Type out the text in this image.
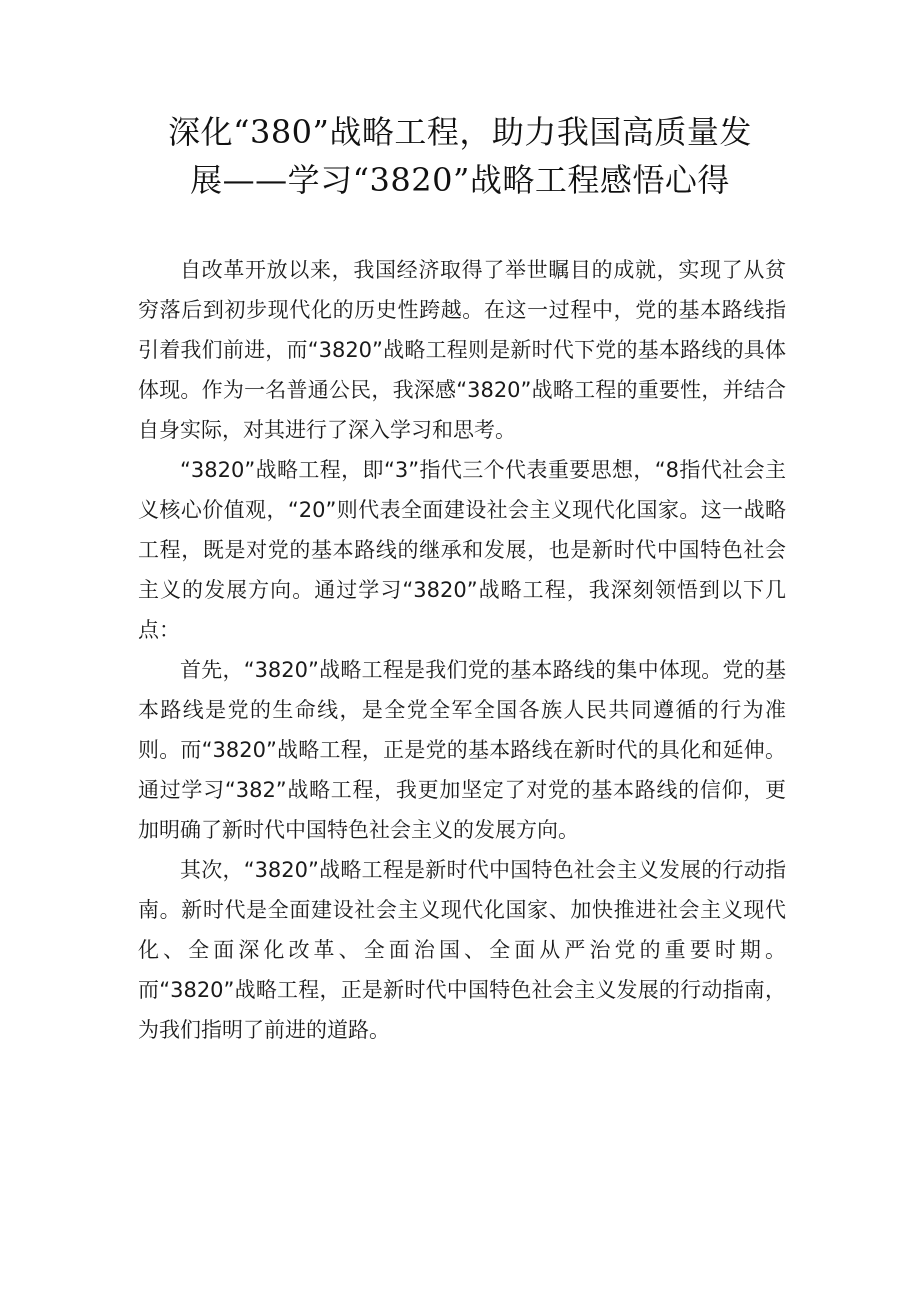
深化“380”战略工程，助力我国高质量发
展——学习“3820”战略工程感悟心得

自改革开放以来，我国经济取得了举世瞩目的成就，实现了从贫穷落后到初步现代化的历史性跨越。在这一过程中，党的基本路线指引着我们前进，而“3820”战略工程则是新时代下党的基本路线的具体体现。作为一名普通公民，我深感“3820”战略工程的重要性，并结合自身实际，对其进行了深入学习和思考。

“3820”战略工程，即“3”指代三个代表重要思想，“8指代社会主义核心价值观，“20”则代表全面建设社会主义现代化国家。这一战略工程，既是对党的基本路线的继承和发展，也是新时代中国特色社会主义的发展方向。通过学习“3820”战略工程，我深刻领悟到以下几点：

首先，“3820”战略工程是我们党的基本路线的集中体现。党的基本路线是党的生命线，是全党全军全国各族人民共同遵循的行为准则。而“3820”战略工程，正是党的基本路线在新时代的具化和延伸。通过学习“382”战略工程，我更加坚定了对党的基本路线的信仰，更加明确了新时代中国特色社会主义的发展方向。

其次，“3820”战略工程是新时代中国特色社会主义发展的行动指南。新时代是全面建设社会主义现代化国家、加快推进社会主义现代化、全面深化改革、全面治国、全面从严治党的重要时期。而“3820”战略工程，正是新时代中国特色社会主义发展的行动指南，为我们指明了前进的道路。
